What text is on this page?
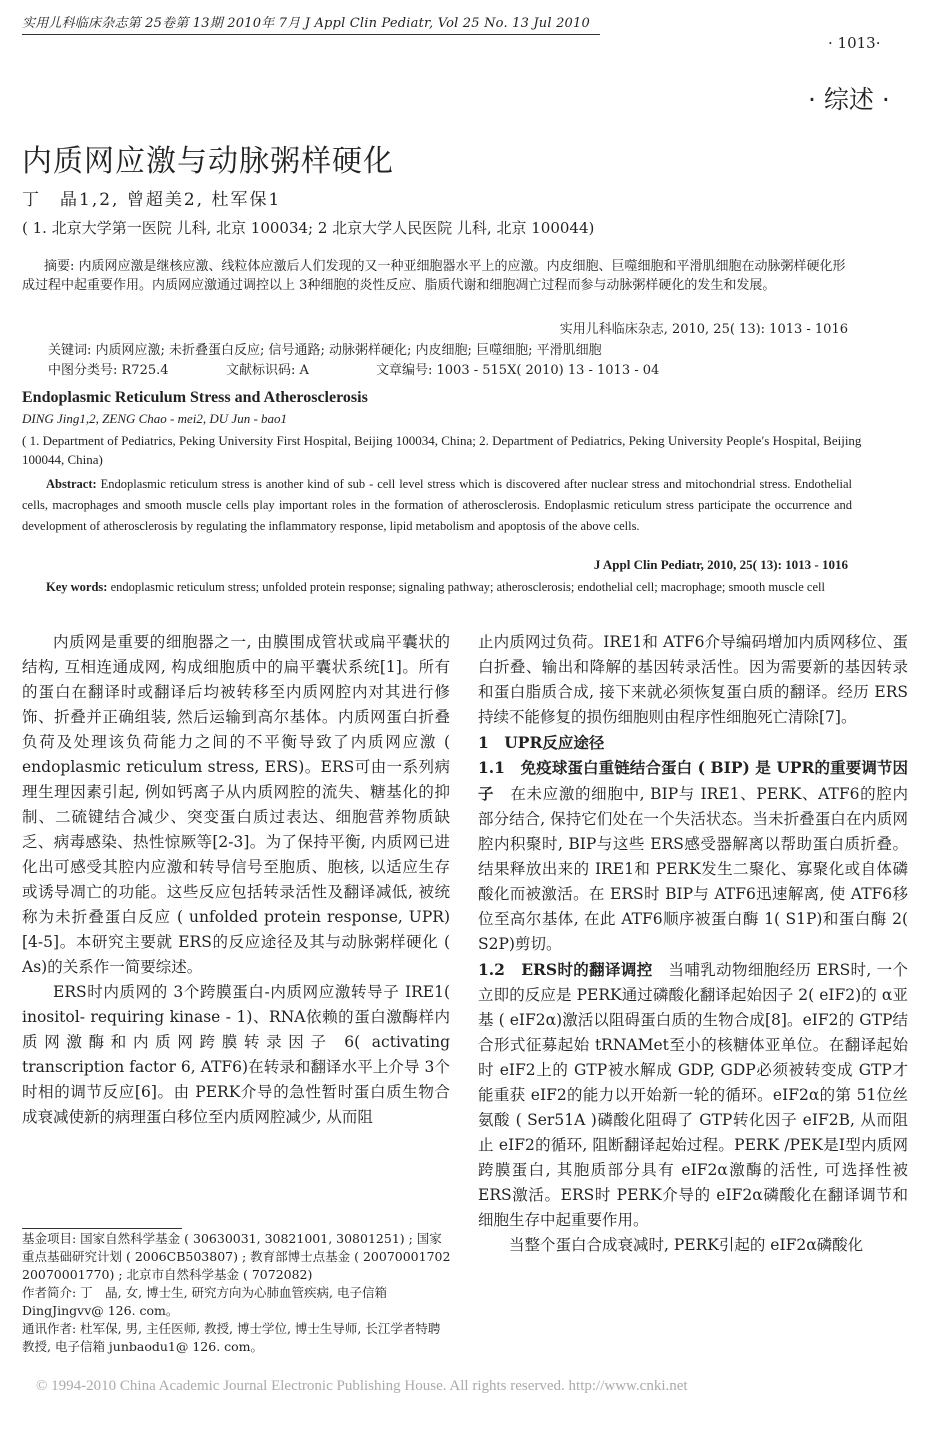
实用儿科临床杂志第 25卷第 13期 2010年 7月 J Appl Clin Pediatr, Vol 25 No. 13 Jul 2010
· 1013·
· 综述 ·
内质网应激与动脉粥样硬化
丁　晶1,2, 曾超美2, 杜军保1
( 1. 北京大学第一医院 儿科, 北京 100034; 2 北京大学人民医院 儿科, 北京 100044)
摘要: 内质网应激是继核应激、线粒体应激后人们发现的又一种亚细胞器水平上的应激。内皮细胞、巨噬细胞和平滑肌细胞在动脉粥样硬化形成过程中起重要作用。内质网应激通过调控以上 3种细胞的炎性反应、脂质代谢和细胞凋亡过程而参与动脉粥样硬化的发生和发展。
实用儿科临床杂志, 2010, 25( 13): 1013 - 1016
关键词: 内质网应激; 未折叠蛋白反应; 信号通路; 动脉粥样硬化; 内皮细胞; 巨噬细胞; 平滑肌细胞
中图分类号: R725.4	文献标识码: A	文章编号: 1003 - 515X( 2010) 13 - 1013 - 04
Endoplasmic Reticulum Stress and Atherosclerosis
DING Jing1,2, ZENG Chao - mei2, DU Jun - bao1
( 1. Department of Pediatrics, Peking University First Hospital, Beijing 100034, China; 2. Department of Pediatrics, Peking University People′s Hospital, Beijing 100044, China)
Abstract: Endoplasmic reticulum stress is another kind of sub - cell level stress which is discovered after nuclear stress and mitochondrial stress. Endothelial cells, macrophages and smooth muscle cells play important roles in the formation of atherosclerosis. Endoplasmic reticulum stress participate the occurrence and development of atherosclerosis by regulating the inflammatory response, lipid metabolism and apoptosis of the above cells.
J Appl Clin Pediatr, 2010, 25( 13): 1013 - 1016
Key words: endoplasmic reticulum stress; unfolded protein response; signaling pathway; atherosclerosis; endothelial cell; macrophage; smooth muscle cell

内质网是重要的细胞器之一, 由膜围成管状或扁平囊状的结构, 互相连通成网, 构成细胞质中的扁平囊状系统[1]。所有的蛋白在翻译时或翻译后均被转移至内质网腔内对其进行修饰、折叠并正确组装, 然后运输到高尔基体。内质网蛋白折叠负荷及处理该负荷能力之间的不平衡导致了内质网应激 ( endoplasmic reticulum stress, ERS)。ERS可由一系列病理生理因素引起, 例如钙离子从内质网腔的流失、糖基化的抑制、二硫键结合减少、突变蛋白质过表达、细胞营养物质缺乏、病毒感染、热性惊厥等[2-3]。为了保持平衡, 内质网已进化出可感受其腔内应激和转导信号至胞质、胞核, 以适应生存或诱导凋亡的功能。这些反应包括转录活性及翻译减低, 被统称为未折叠蛋白反应 ( unfolded protein response, UPR)[4-5]。本研究主要就 ERS的反应途径及其与动脉粥样硬化 ( As)的关系作一简要综述。

ERS时内质网的 3个跨膜蛋白-内质网应激转导子 IRE1( inositol- requiring kinase - 1)、RNA依赖的蛋白激酶样内质网激酶和内质网跨膜转录因子 6( activating transcription factor 6, ATF6)在转录和翻译水平上介导 3个时相的调节反应[6]。由 PERK介导的急性暂时蛋白质生物合成衰减使新的病理蛋白移位至内质网腔减少, 从而阻

止内质网过负荷。IRE1和 ATF6介导编码增加内质网移位、蛋白折叠、输出和降解的基因转录活性。因为需要新的基因转录和蛋白脂质合成, 接下来就必须恢复蛋白质的翻译。经历 ERS持续不能修复的损伤细胞则由程序性细胞死亡清除[7]。

1　UPR反应途径

1.1　免疫球蛋白重链结合蛋白 ( BIP) 是 UPR的重要调节因子　 在未应激的细胞中, BIP与 IRE1、PERK、ATF6的腔内部分结合, 保持它们处在一个失活状态。当未折叠蛋白在内质网腔内积聚时, BIP与这些 ERS感受器解离以帮助蛋白质折叠。结果释放出来的 IRE1和 PERK发生二聚化、寡聚化或自体磷酸化而被激活。在 ERS时 BIP与 ATF6迅速解离, 使 ATF6移位至高尔基体, 在此 ATF6顺序被蛋白酶 1( S1P)和蛋白酶 2( S2P)剪切。

1.2　ERS时的翻译调控　 当哺乳动物细胞经历 ERS时, 一个立即的反应是 PERK通过磷酸化翻译起始因子 2( eIF2)的 α亚基 ( eIF2α)激活以阻碍蛋白质的生物合成[8]。eIF2的 GTP结合形式征募起始 tRNAMet至小的核糖体亚单位。在翻译起始时 eIF2上的 GTP被水解成 GDP, GDP必须被转变成 GTP才能重获 eIF2的能力以开始新一轮的循环。eIF2α的第 51位丝氨酸 ( Ser51A )磷酸化阻碍了 GTP转化因子 eIF2B, 从而阻止 eIF2的循环, 阻断翻译起始过程。PERK /PEK是Ⅰ型内质网跨膜蛋白, 其胞质部分具有 eIF2α激酶的活性, 可选择性被 ERS激活。ERS时 PERK介导的 eIF2α磷酸化在翻译调节和细胞生存中起重要作用。

当整个蛋白合成衰减时, PERK引起的 eIF2α磷酸化

基金项目: 国家自然科学基金 ( 30630031, 30821001, 30801251) ; 国家重点基础研究计划 ( 2006CB503807) ; 教育部博士点基金 ( 20070001702 20070001770) ; 北京市自然科学基金 ( 7072082)

作者简介: 丁　晶, 女, 博士生, 研究方向为心肺血管疾病, 电子信箱 DingJingvv@ 126. com。

通讯作者: 杜军保, 男, 主任医师, 教授, 博士学位, 博士生导师, 长江学者特聘教授, 电子信箱 junbaodu1@ 126. com。

© 1994-2010 China Academic Journal Electronic Publishing House. All rights reserved. http://www.cnki.net
